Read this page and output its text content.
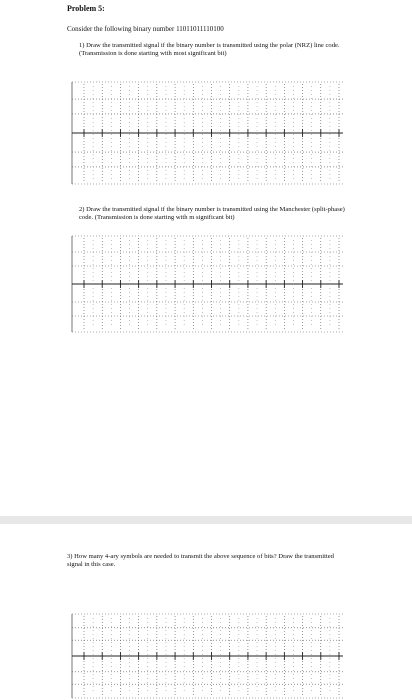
Problem 5:
Consider the following binary number 11011011110100
1) Draw the transmitted signal if the binary number is transmitted using the polar (NRZ) line code. (Transmission is done starting with most significant bit)
2) Draw the transmitted signal if the binary number is transmitted using the Manchester (split-phase) code. (Transmission is done starting with m significant bit)
3) How many 4-ary symbols are needed to transmit the above sequence of bits? Draw the transmitted signal in this case.
